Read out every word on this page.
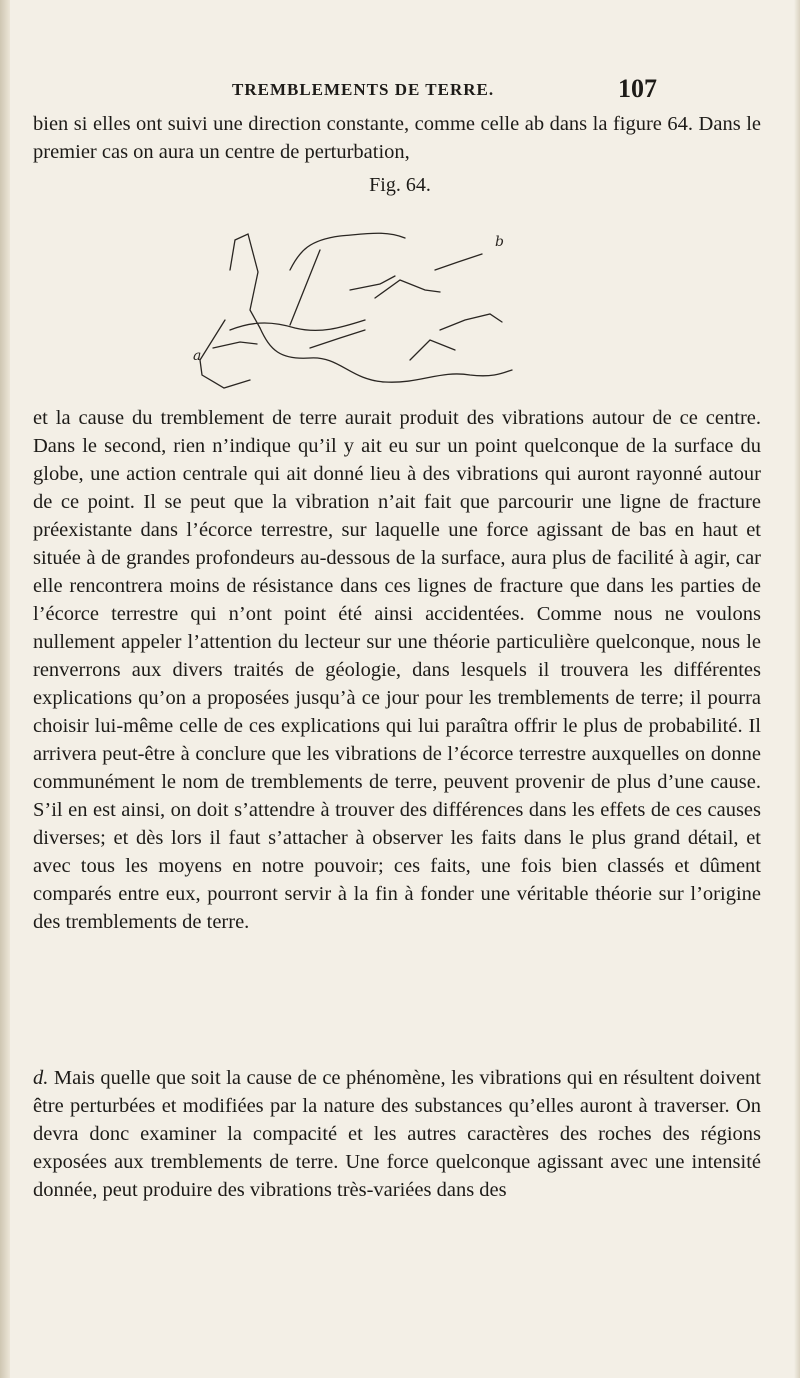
TREMBLEMENTS DE TERRE.	107

bien si elles ont suivi une direction constante, comme celle ab dans la figure 64. Dans le premier cas on aura un centre de perturbation,

Fig. 64.
a
b

et la cause du tremblement de terre aurait produit des vibrations autour de ce centre. Dans le second, rien n’indique qu’il y ait eu sur un point quelconque de la surface du globe, une action centrale qui ait donné lieu à des vibrations qui auront rayonné autour de ce point. Il se peut que la vibration n’ait fait que parcourir une ligne de fracture préexistante dans l’écorce terrestre, sur laquelle une force agissant de bas en haut et située à de grandes profondeurs au-dessous de la surface, aura plus de facilité à agir, car elle rencontrera moins de résistance dans ces lignes de fracture que dans les parties de l’écorce terrestre qui n’ont point été ainsi accidentées. Comme nous ne voulons nullement appeler l’attention du lecteur sur une théorie particulière quelconque, nous le renverrons aux divers traités de géologie, dans lesquels il trouvera les différentes explications qu’on a proposées jusqu’à ce jour pour les tremblements de terre; il pourra choisir lui-même celle de ces explications qui lui paraîtra offrir le plus de probabilité. Il arrivera peut-être à conclure que les vibrations de l’écorce terrestre auxquelles on donne communément le nom de tremblements de terre, peuvent provenir de plus d’une cause. S’il en est ainsi, on doit s’attendre à trouver des différences dans les effets de ces causes diverses; et dès lors il faut s’attacher à observer les faits dans le plus grand détail, et avec tous les moyens en notre pouvoir; ces faits, une fois bien classés et dûment comparés entre eux, pourront servir à la fin à fonder une véritable théorie sur l’origine des tremblements de terre.

d. Mais quelle que soit la cause de ce phénomène, les vibrations qui en résultent doivent être perturbées et modifiées par la nature des substances qu’elles auront à traverser. On devra donc examiner la compacité et les autres caractères des roches des régions exposées aux tremblements de terre. Une force quelconque agissant avec une intensité donnée, peut produire des vibrations très-variées dans des
